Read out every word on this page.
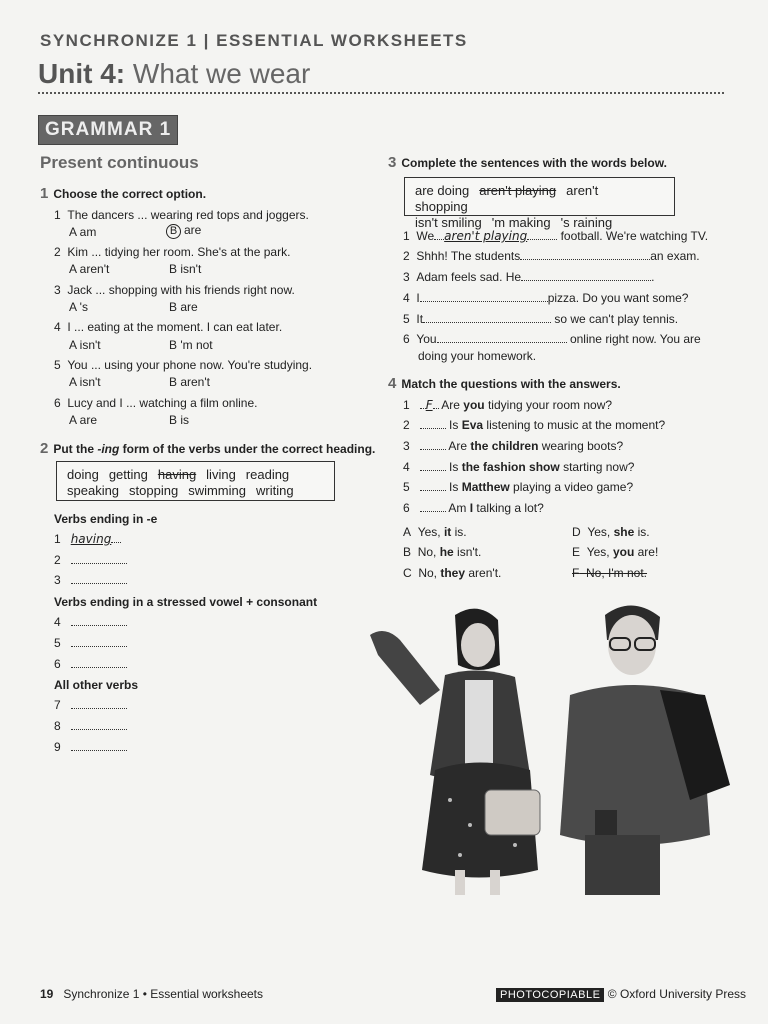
SYNCHRONIZE 1 | ESSENTIAL WORKSHEETS
Unit 4: What we wear
GRAMMAR 1
Present continuous
1 Choose the correct option.
1 The dancers ... wearing red tops and joggers.
A am	B are
2 Kim ... tidying her room. She's at the park.
A aren't	B isn't
3 Jack ... shopping with his friends right now.
A 's	B are
4 I ... eating at the moment. I can eat later.
A isn't	B 'm not
5 You ... using your phone now. You're studying.
A isn't	B aren't
6 Lucy and I ... watching a film online.
A are	B is
2 Put the -ing form of the verbs under the correct heading.
doing getting having living reading
speaking stopping swimming writing
Verbs ending in -e
1 having
2
3
Verbs ending in a stressed vowel + consonant
4
5
6
All other verbs
7
8
9
3 Complete the sentences with the words below.
are doing aren't playing aren't shopping
isn't smiling 'm making 's raining
1 We aren't playing	football. We're watching TV.
2 Shhh! The students	an exam.
3 Adam feels sad. He	.
4 I	pizza. Do you want some?
5 It	so we can't play tennis.
6 You	online right now. You are
doing your homework.
4 Match the questions with the answers.
1 F Are you tidying your room now?
2	Is Eva listening to music at the moment?
3	Are the children wearing boots?
4	Is the fashion show starting now?
5	Is Matthew playing a video game?
6	Am I talking a lot?
A Yes, it is.	D Yes, she is.
B No, he isn't.	E Yes, you are!
C No, they aren't.	F No, I'm not.
19 Synchronize 1 • Essential worksheets	PHOTOCOPIABLE © Oxford University Press
